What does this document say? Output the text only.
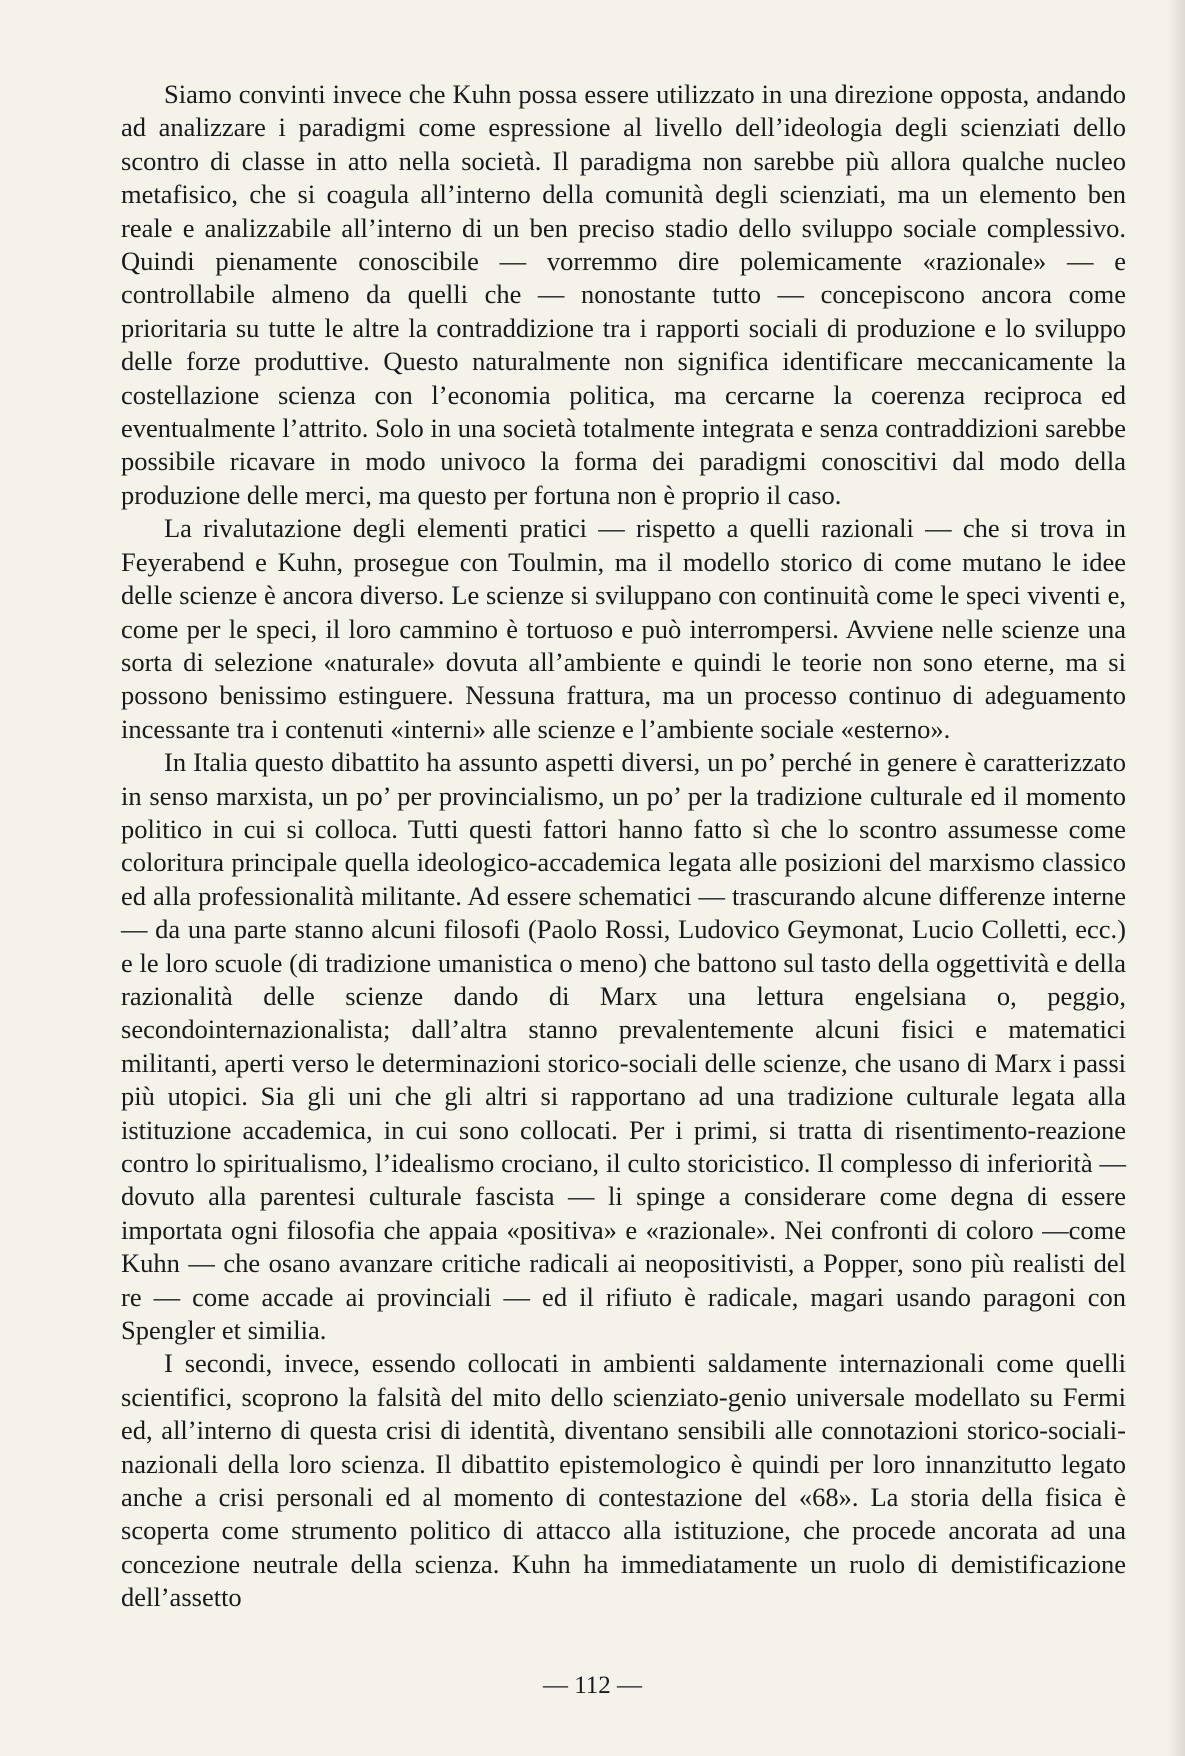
Siamo convinti invece che Kuhn possa essere utilizzato in una direzione opposta, andando ad analizzare i paradigmi come espressione al livello dell’ideologia degli scienziati dello scontro di classe in atto nella società. Il paradigma non sarebbe più allora qualche nucleo metafisico, che si coagula all’interno della comunità degli scienziati, ma un elemento ben reale e analizzabile all’interno di un ben preciso stadio dello sviluppo sociale complessivo. Quindi pienamente conoscibile — vorremmo dire polemicamente «razionale» — e controllabile almeno da quelli che — nonostante tutto — concepiscono ancora come prioritaria su tutte le altre la contraddizione tra i rapporti sociali di produzione e lo sviluppo delle forze produttive. Questo naturalmente non significa identificare meccanicamente la costellazione scienza con l’economia politica, ma cercarne la coerenza reciproca ed eventualmente l’attrito. Solo in una società totalmente integrata e senza contraddizioni sarebbe possibile ricavare in modo univoco la forma dei paradigmi conoscitivi dal modo della produzione delle merci, ma questo per fortuna non è proprio il caso.

La rivalutazione degli elementi pratici — rispetto a quelli razionali — che si trova in Feyerabend e Kuhn, prosegue con Toulmin, ma il modello storico di come mutano le idee delle scienze è ancora diverso. Le scienze si sviluppano con continuità come le speci viventi e, come per le speci, il loro cammino è tortuoso e può interrompersi. Avviene nelle scienze una sorta di selezione «naturale» dovuta all’ambiente e quindi le teorie non sono eterne, ma si possono benissimo estinguere. Nessuna frattura, ma un processo continuo di adeguamento incessante tra i contenuti «interni» alle scienze e l’ambiente sociale «esterno».

In Italia questo dibattito ha assunto aspetti diversi, un po’ perché in genere è caratterizzato in senso marxista, un po’ per provincialismo, un po’ per la tradizione culturale ed il momento politico in cui si colloca. Tutti questi fattori hanno fatto sì che lo scontro assumesse come coloritura principale quella ideologico-accademica legata alle posizioni del marxismo classico ed alla professionalità militante. Ad essere schematici — trascurando alcune differenze interne — da una parte stanno alcuni filosofi (Paolo Rossi, Ludovico Geymonat, Lucio Colletti, ecc.) e le loro scuole (di tradizione umanistica o meno) che battono sul tasto della oggettività e della razionalità delle scienze dando di Marx una lettura engelsiana o, peggio, secondointernazionalista; dall’altra stanno prevalentemente alcuni fisici e matematici militanti, aperti verso le determinazioni storico-sociali delle scienze, che usano di Marx i passi più utopici. Sia gli uni che gli altri si rapportano ad una tradizione culturale legata alla istituzione accademica, in cui sono collocati. Per i primi, si tratta di risentimento-reazione contro lo spiritualismo, l’idealismo crociano, il culto storicistico. Il complesso di inferiorità — dovuto alla parentesi culturale fascista — li spinge a considerare come degna di essere importata ogni filosofia che appaia «positiva» e «razionale». Nei confronti di coloro —come Kuhn — che osano avanzare critiche radicali ai neopositivisti, a Popper, sono più realisti del re — come accade ai provinciali — ed il rifiuto è radicale, magari usando paragoni con Spengler et similia.

I secondi, invece, essendo collocati in ambienti saldamente internazionali come quelli scientifici, scoprono la falsità del mito dello scienziato-genio universale modellato su Fermi ed, all’interno di questa crisi di identità, diventano sensibili alle connotazioni storico-sociali-nazionali della loro scienza. Il dibattito epistemologico è quindi per loro innanzitutto legato anche a crisi personali ed al momento di contestazione del «68». La storia della fisica è scoperta come strumento politico di attacco alla istituzione, che procede ancorata ad una concezione neutrale della scienza. Kuhn ha immediatamente un ruolo di demistificazione dell’assetto

— 112 —
